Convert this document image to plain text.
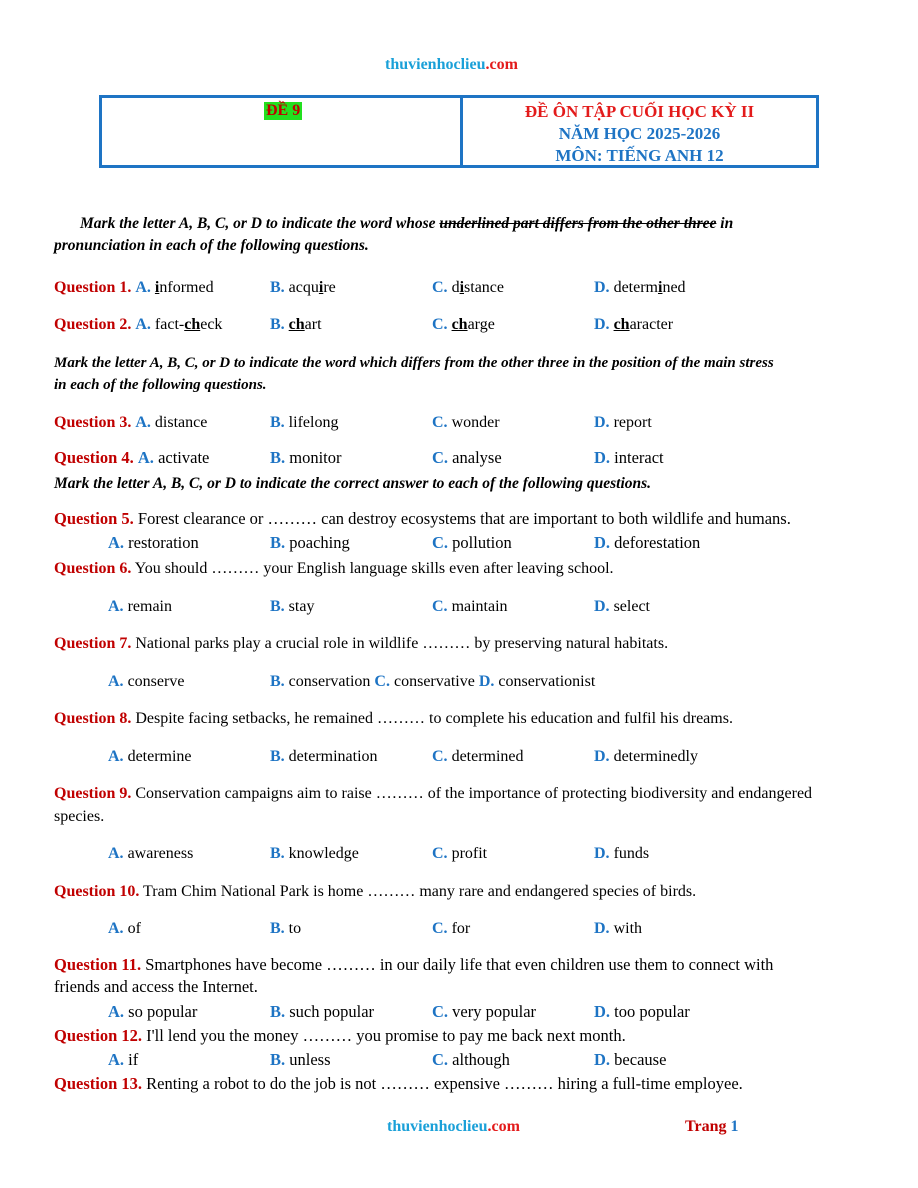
thuvienhoclieu.com
ĐỀ 9	ĐỀ ÔN TẬP CUỐI HỌC KỲ II
NĂM HỌC 2025-2026
MÔN: TIẾNG ANH 12
Mark the letter A, B, C, or D to indicate the word whose underlined part differs from the other three in
pronunciation in each of the following questions.
Question 1. A. informed	B. acquire	C. distance	D. determined
Question 2. A. fact-check	B. chart	C. charge	D. character
Mark the letter A, B, C, or D to indicate the word which differs from the other three in the position of the main stress
in each of the following questions.
Question 3. A. distance	B. lifelong	C. wonder	D. report
Question 4. A. activate	B. monitor	C. analyse	D. interact
Mark the letter A, B, C, or D to indicate the correct answer to each of the following questions.
Question 5. Forest clearance or ……… can destroy ecosystems that are important to both wildlife and humans.
A. restoration	B. poaching	C. pollution	D. deforestation
Question 6. You should ……… your English language skills even after leaving school.
A. remain	B. stay	C. maintain	D. select
Question 7. National parks play a crucial role in wildlife ……… by preserving natural habitats.
A. conserve	B. conservation C. conservative D. conservationist
Question 8. Despite facing setbacks, he remained ……… to complete his education and fulfil his dreams.
A. determine	B. determination	C. determined	D. determinedly
Question 9. Conservation campaigns aim to raise ……… of the importance of protecting biodiversity and endangered
species.
A. awareness	B. knowledge	C. profit	D. funds
Question 10. Tram Chim National Park is home ……… many rare and endangered species of birds.
A. of	B. to	C. for	D. with
Question 11. Smartphones have become ……… in our daily life that even children use them to connect with
friends and access the Internet.
A. so popular	B. such popular	C. very popular	D. too popular
Question 12. I'll lend you the money ……… you promise to pay me back next month.
A. if	B. unless	C. although	D. because
Question 13. Renting a robot to do the job is not ……… expensive ……… hiring a full-time employee.
thuvienhoclieu.com	Trang 1
